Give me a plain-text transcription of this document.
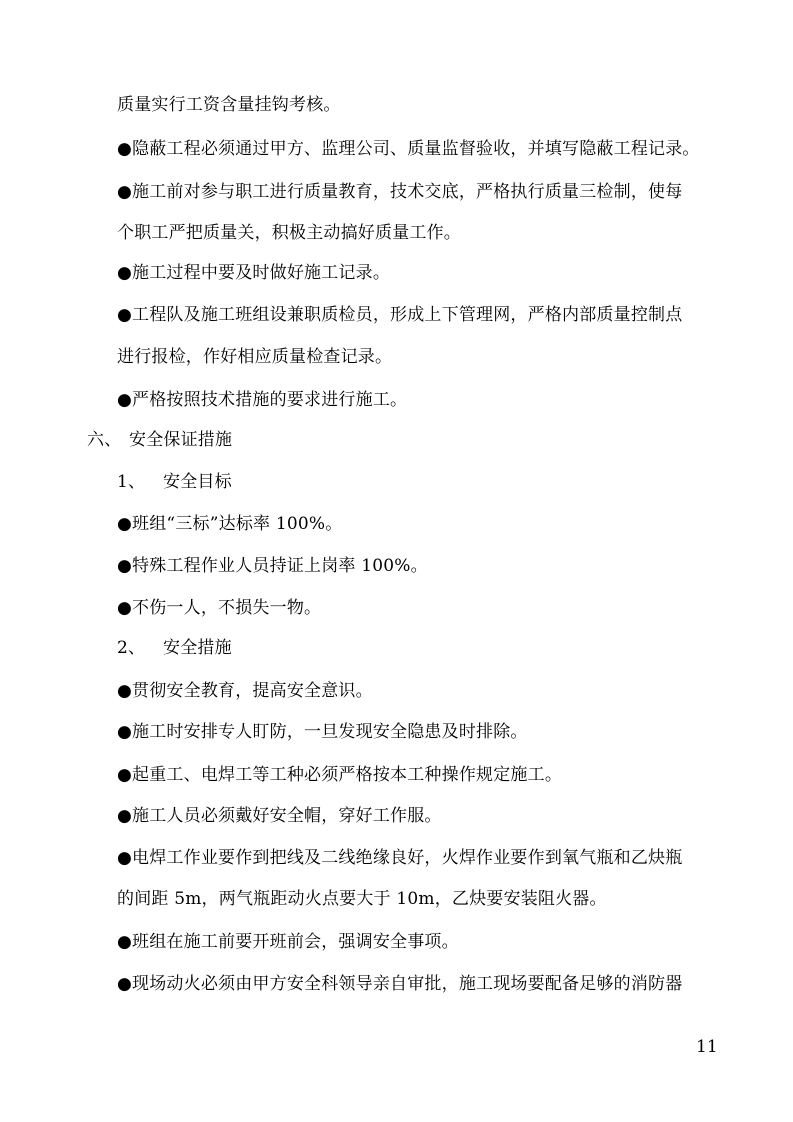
质量实行工资含量挂钩考核。
●隐蔽工程必须通过甲方、监理公司、质量监督验收，并填写隐蔽工程记录。
●施工前对参与职工进行质量教育，技术交底，严格执行质量三检制，使每
个职工严把质量关，积极主动搞好质量工作。
●施工过程中要及时做好施工记录。
●工程队及施工班组设兼职质检员，形成上下管理网，严格内部质量控制点
进行报检，作好相应质量检查记录。
●严格按照技术措施的要求进行施工。
六、 安全保证措施
1、 安全目标
●班组“三标”达标率 100%。
●特殊工程作业人员持证上岗率 100%。
●不伤一人，不损失一物。
2、 安全措施
●贯彻安全教育，提高安全意识。
●施工时安排专人盯防，一旦发现安全隐患及时排除。
●起重工、电焊工等工种必须严格按本工种操作规定施工。
●施工人员必须戴好安全帽，穿好工作服。
●电焊工作业要作到把线及二线绝缘良好，火焊作业要作到氧气瓶和乙炔瓶
的间距 5m，两气瓶距动火点要大于 10m，乙炔要安装阻火器。
●班组在施工前要开班前会，强调安全事项。
●现场动火必须由甲方安全科领导亲自审批，施工现场要配备足够的消防器
11
